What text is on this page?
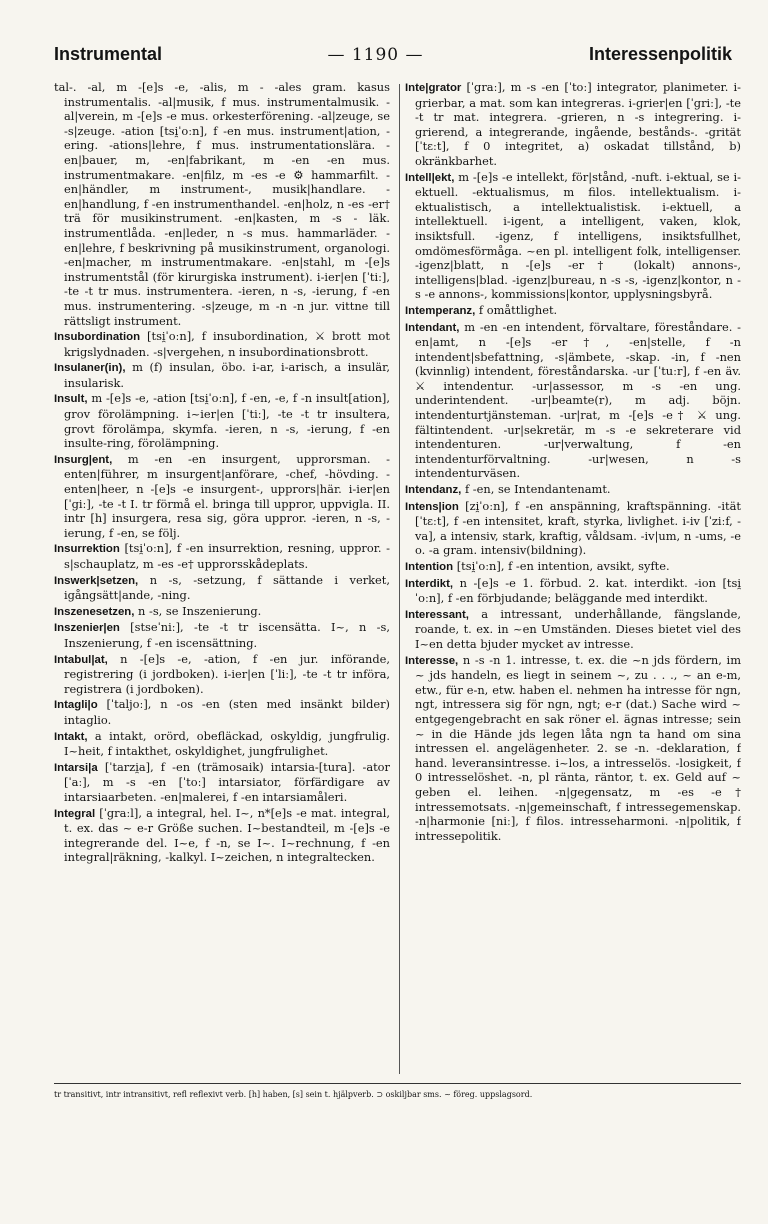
Instrumental	— 1190 —	Interessenpolitik

tal-. -al, m -[e]s -e, -alis, m - -ales gram. kasus instrumentalis. -al|musik, f mus. instrumentalmusik. -al|verein, m -[e]s -e mus. orkesterförening. -al|zeuge, se -s|zeuge. -ation [tsi̯ˈoːn], f -en mus. instrument|ation, -ering. -ations|lehre, f mus. instrumentationslära. -en|bauer, m, -en|fabrikant, m -en -en mus. instrumentmakare. -en|filz, m -es -e ⚙ hammarfilt. -en|händler, m instrument-, musik|handlare. -en|handlung, f -en instrumenthandel. -en|holz, n -es -er† trä för musikinstrument. -en|kasten, m -s - läk. instrumentlåda. -en|leder, n -s mus. hammarläder. -en|lehre, f beskrivning på musikinstrument, organologi. -en|macher, m instrumentmakare. -en|stahl, m -[e]s instrumentstål (för kirurgiska instrument). i-ier|en [ˈtiː], -te -t tr mus. instrumentera. -ieren, n -s, -ierung, f -en mus. instrumentering. -s|zeuge, m -n -n jur. vittne till rättsligt instrument.

Insubordination [tsi̯ˈoːn], f insubordination, ⚔ brott mot krigslydnaden. -s|vergehen, n insubordinationsbrott.

Insulaner(in), m (f) insulan, öbo. i-ar, i-arisch, a insulär, insularisk.

Insult, m -[e]s -e, -ation [tsi̯ˈoːn], f -en, -e, f -n insult[ation], grov förolämpning. i~ier|en [ˈtiː], -te -t tr insultera, grovt förolämpa, skymfa. -ieren, n -s, -ierung, f -en insulte-ring, förolämpning.

Insurg|ent, m -en -en insurgent, upprorsman. -enten|führer, m insurgent|anförare, -chef, -hövding. -enten|heer, n -[e]s -e insurgent-, upprors|här. i-ier|en [ˈgiː], -te -t I. tr förmå el. bringa till uppror, uppvigla. II. intr [h] insurgera, resa sig, göra uppror. -ieren, n -s, -ierung, f -en, se följ.

Insurrektion [tsi̯ˈoːn], f -en insurrektion, resning, uppror. -s|schauplatz, m -es -e† upprorsskådeplats.

Inswerk|setzen, n -s, -setzung, f sättande i verket, igångsätt|ande, -ning.

Inszenesetzen, n -s, se Inszenierung.

Inszenier|en [stseˈniː], -te -t tr iscensätta. I~, n -s, Inszenierung, f -en iscensättning.

Intabul|at, n -[e]s -e, -ation, f -en jur. införande, registrering (i jordboken). i-ier|en [ˈliː], -te -t tr införa, registrera (i jordboken).

Intagli|o [ˈtaljoː], n -os -en (sten med insänkt bilder) intaglio.

Intakt, a intakt, orörd, obefläckad, oskyldig, jungfrulig. I~heit, f intakthet, oskyldighet, jungfrulighet.

Intarsi|a [ˈtarzi̯a], f -en (trämosaik) intarsia-[tura]. -ator [ˈaː], m -s -en [ˈtoː] intarsiator, förfärdigare av intarsiaarbeten. -en|malerei, f -en intarsiamåleri.

Integral [ˈgraːl], a integral, hel. I~, n*[e]s -e mat. integral, t. ex. das ~ e-r Größe suchen. I~bestandteil, m -[e]s -e integrerande del. I~e, f -n, se I~. I~rechnung, f -en integral|räkning, -kalkyl. I~zeichen, n integraltecken.

Inte|grator [ˈgraː], m -s -en [ˈtoː] integrator, planimeter. i-grierbar, a mat. som kan integreras. i-grier|en [ˈgriː], -te -t tr mat. integrera. -grieren, n -s integrering. i-grierend, a integrerande, ingående, bestånds-. -grität [ˈtɛːt], f 0 integritet, a) oskadat tillstånd, b) okränkbarhet.

Intell|ekt, m -[e]s -e intellekt, för|stånd, -nuft. i-ektual, se i-ektuell. -ektualismus, m filos. intellektualism. i-ektualistisch, a intellektualistisk. i-ektuell, a intellektuell. i-igent, a intelligent, vaken, klok, insiktsfull. -igenz, f intelligens, insiktsfullhet, omdömesförmåga. ~en pl. intelligent folk, intelligenser. -igenz|blatt, n -[e]s -er† (lokalt) annons-, intelligens|blad. -igenz|bureau, n -s -s, -igenz|kontor, n -s -e annons-, kommissions|kontor, upplysningsbyrå.

Intemperanz, f omåttlighet.

Intendant, m -en -en intendent, förvaltare, föreståndare. -en|amt, n -[e]s -er†, -en|stelle, f -n intendent|sbefattning, -s|ämbete, -skap. -in, f -nen (kvinnlig) intendent, föreståndarska. -ur [ˈtuːr], f -en äv. ⚔ intendentur. -ur|assessor, m -s -en ung. underintendent. -ur|beamte(r), m adj. böjn. intendenturtjänsteman. -ur|rat, m -[e]s -e† ⚔ ung. fältintendent. -ur|sekretär, m -s -e sekreterare vid intendenturen. -ur|verwaltung, f -en intendenturförvaltning. -ur|wesen, n -s intendenturväsen.

Intendanz, f -en, se Intendantenamt.

Intens|ion [zi̯ˈoːn], f -en anspänning, kraftspänning. -ität [ˈtɛːt], f -en intensitet, kraft, styrka, livlighet. i-iv [ˈziːf, -va], a intensiv, stark, kraftig, våldsam. -iv|um, n -ums, -e o. -a gram. intensiv(bildning).

Intention [tsi̯ˈoːn], f -en intention, avsikt, syfte.

Interdikt, n -[e]s -e 1. förbud. 2. kat. interdikt. -ion [tsi̯ˈoːn], f -en förbjudande; beläggande med interdikt.

Interessant, a intressant, underhållande, fängslande, roande, t. ex. in ~en Umständen. Dieses bietet viel des I~en detta bjuder mycket av intresse.

Interesse, n -s -n 1. intresse, t. ex. die ~n jds fördern, im ~ jds handeln, es liegt in seinem ~, zu . . ., ~ an e-m, etw., für e-n, etw. haben el. nehmen ha intresse för ngn, ngt, intressera sig för ngn, ngt; e-r (dat.) Sache wird ~ entgegengebracht en sak röner el. ägnas intresse; sein ~ in die Hände jds legen låta ngn ta hand om sina intressen el. angelägenheter. 2. se -n. -deklaration, f hand. leveransintresse. i~los, a intresselös. -losigkeit, f 0 intresselöshet. -n, pl ränta, räntor, t. ex. Geld auf ~ geben el. leihen. -n|gegensatz, m -es -e† intressemotsats. -n|gemeinschaft, f intressegemenskap. -n|harmonie [niː], f filos. intresseharmoni. -n|politik, f intressepolitik.

tr transitivt, intr intransitivt, refl reflexivt verb. [h] haben, [s] sein t. hjälpverb. ⊃ oskiljbar sms. ~ föreg. uppslagsord.
